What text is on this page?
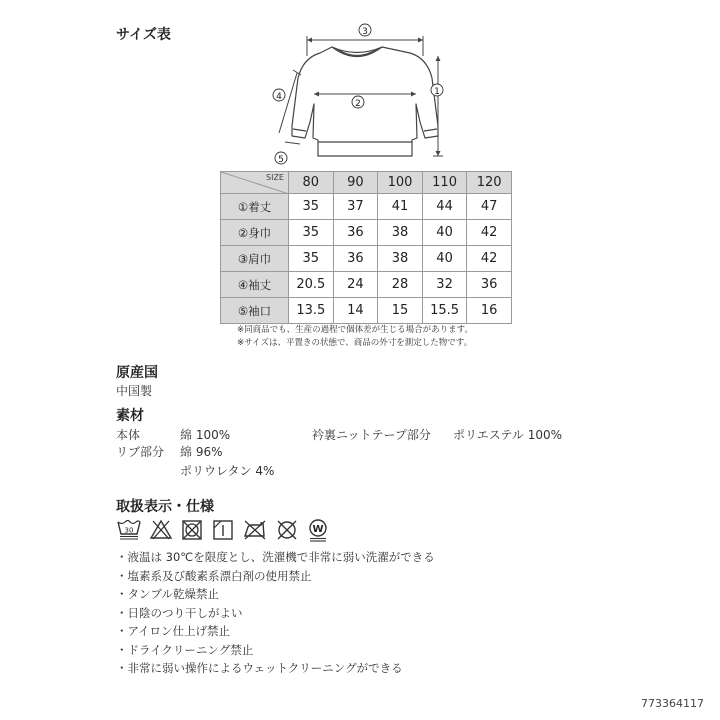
サイズ表	3
2
1
4
5
SIZE	80	90	100	110	120
①着丈	35	37	41	44	47
②身巾	35	36	38	40	42
③肩巾	35	36	38	40	42
④袖丈	20.5	24	28	32	36
⑤袖口	13.5	14	15	15.5	16
※同商品でも、生産の過程で個体差が生じる場合があります。
※サイズは、平置きの状態で、商品の外寸を測定した物です。
原産国
中国製
素材
本体	綿 100%	衿裏ニットテープ部分 ポリエステル 100%
リブ部分 綿 96%
ポリウレタン 4%
取扱表示・仕様
30	W
・液温は 30℃を限度とし、洗濯機で非常に弱い洗濯ができる
・塩素系及び酸素系漂白剤の使用禁止
・タンブル乾燥禁止
・日陰のつり干しがよい
・アイロン仕上げ禁止
・ドライクリーニング禁止
・非常に弱い操作によるウェットクリーニングができる
773364117
